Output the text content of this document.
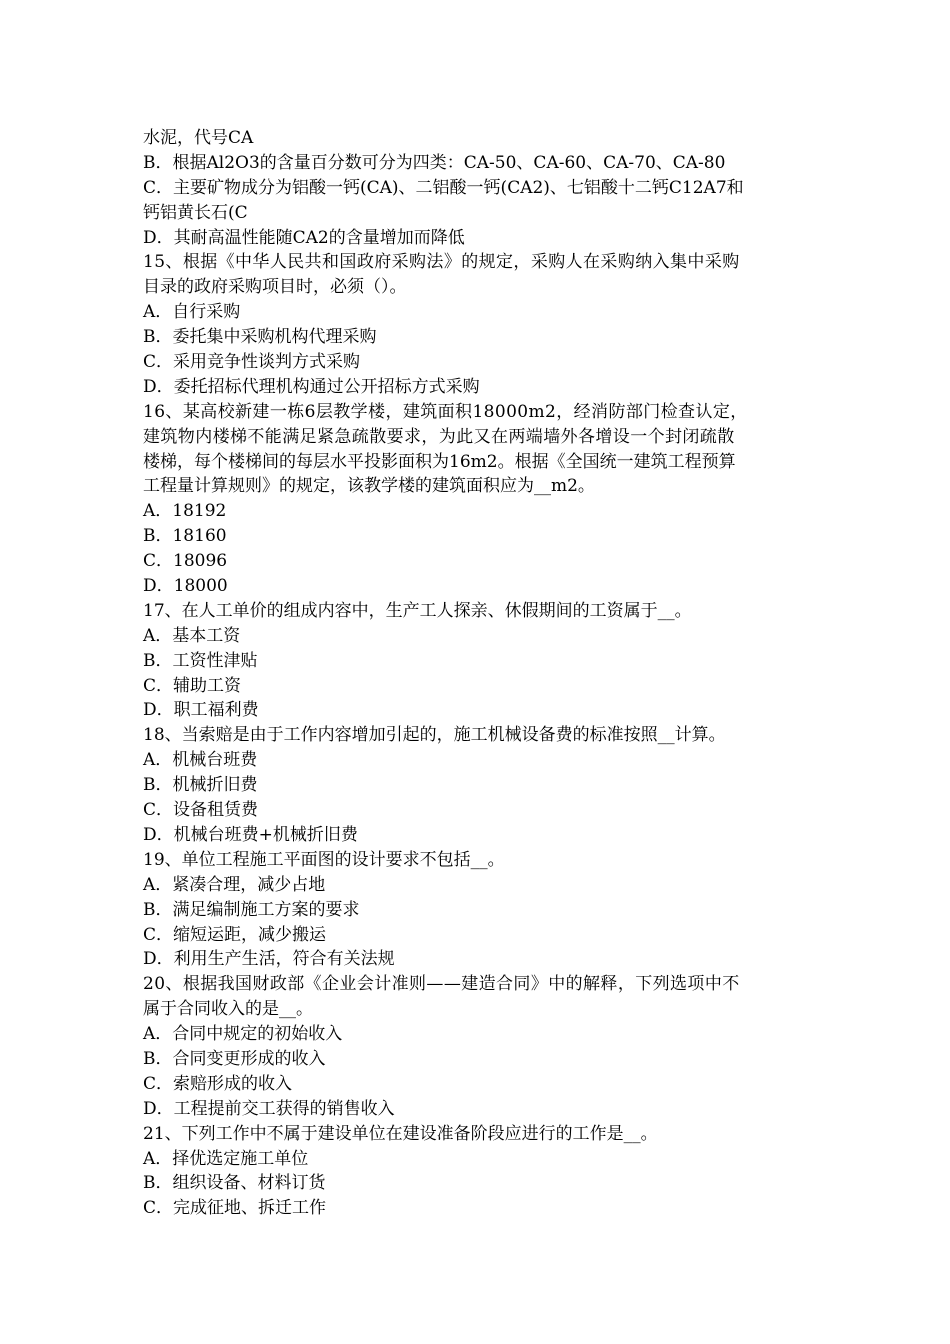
水泥，代号CA
B．根据Al2O3的含量百分数可分为四类：CA-50、CA-60、CA-70、CA-80
C．主要矿物成分为铝酸一钙(CA)、二铝酸一钙(CA2)、七铝酸十二钙C12A7和
钙铝黄长石(C
D．其耐高温性能随CA2的含量增加而降低
15、根据《中华人民共和国政府采购法》的规定，采购人在采购纳入集中采购
目录的政府采购项目时，必须（）。
A．自行采购
B．委托集中采购机构代理采购
C．采用竞争性谈判方式采购
D．委托招标代理机构通过公开招标方式采购
16、某高校新建一栋6层教学楼，建筑面积18000m2，经消防部门检查认定，
建筑物内楼梯不能满足紧急疏散要求，为此又在两端墙外各增设一个封闭疏散
楼梯，每个楼梯间的每层水平投影面积为16m2。根据《全国统一建筑工程预算
工程量计算规则》的规定，该教学楼的建筑面积应为__m2。
A．18192
B．18160
C．18096
D．18000
17、在人工单价的组成内容中，生产工人探亲、休假期间的工资属于__。
A．基本工资
B．工资性津贴
C．辅助工资
D．职工福利费
18、当索赔是由于工作内容增加引起的，施工机械设备费的标准按照__计算。
A．机械台班费
B．机械折旧费
C．设备租赁费
D．机械台班费+机械折旧费
19、单位工程施工平面图的设计要求不包括__。
A．紧凑合理，减少占地
B．满足编制施工方案的要求
C．缩短运距，减少搬运
D．利用生产生活，符合有关法规
20、根据我国财政部《企业会计准则——建造合同》中的解释，下列选项中不
属于合同收入的是__。
A．合同中规定的初始收入
B．合同变更形成的收入
C．索赔形成的收入
D．工程提前交工获得的销售收入
21、下列工作中不属于建设单位在建设准备阶段应进行的工作是__。
A．择优选定施工单位
B．组织设备、材料订货
C．完成征地、拆迁工作
